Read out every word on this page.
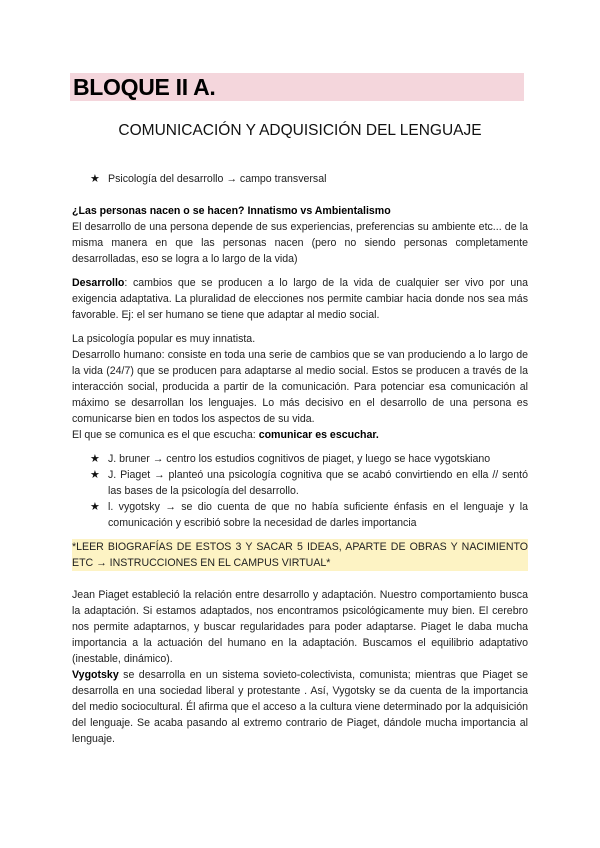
BLOQUE II A.
COMUNICACIÓN Y ADQUISICIÓN DEL LENGUAJE
★ Psicología del desarrollo → campo transversal
¿Las personas nacen o se hacen? Innatismo vs Ambientalismo
El desarrollo de una persona depende de sus experiencias, preferencias su ambiente etc... de la misma manera en que las personas nacen (pero no siendo personas completamente desarrolladas, eso se logra a lo largo de la vida)
Desarrollo: cambios que se producen a lo largo de la vida de cualquier ser vivo por una exigencia adaptativa. La pluralidad de elecciones nos permite cambiar hacia donde nos sea más favorable. Ej: el ser humano se tiene que adaptar al medio social.
La psicología popular es muy innatista.
Desarrollo humano: consiste en toda una serie de cambios que se van produciendo a lo largo de la vida (24/7) que se producen para adaptarse al medio social. Estos se producen a través de la interacción social, producida a partir de la comunicación. Para potenciar esa comunicación al máximo se desarrollan los lenguajes. Lo más decisivo en el desarrollo de una persona es comunicarse bien en todos los aspectos de su vida.
El que se comunica es el que escucha: comunicar es escuchar.
★ J. bruner → centro los estudios cognitivos de piaget, y luego se hace vygotskiano
★ J. Piaget → planteó una psicología cognitiva que se acabó convirtiendo en ella // sentó las bases de la psicología del desarrollo.
★ l. vygotsky → se dio cuenta de que no había suficiente énfasis en el lenguaje y la comunicación y escribió sobre la necesidad de darles importancia
*LEER BIOGRAFÍAS DE ESTOS 3 Y SACAR 5 IDEAS, APARTE DE OBRAS Y NACIMIENTO ETC → INSTRUCCIONES EN EL CAMPUS VIRTUAL*
Jean Piaget estableció la relación entre desarrollo y adaptación. Nuestro comportamiento busca la adaptación. Si estamos adaptados, nos encontramos psicológicamente muy bien. El cerebro nos permite adaptarnos, y buscar regularidades para poder adaptarse. Piaget le daba mucha importancia a la actuación del humano en la adaptación. Buscamos el equilibrio adaptativo (inestable, dinámico).
Vygotsky se desarrolla en un sistema sovieto-colectivista, comunista; mientras que Piaget se desarrolla en una sociedad liberal y protestante . Así, Vygotsky se da cuenta de la importancia del medio sociocultural. Él afirma que el acceso a la cultura viene determinado por la adquisición del lenguaje. Se acaba pasando al extremo contrario de Piaget, dándole mucha importancia al lenguaje.
